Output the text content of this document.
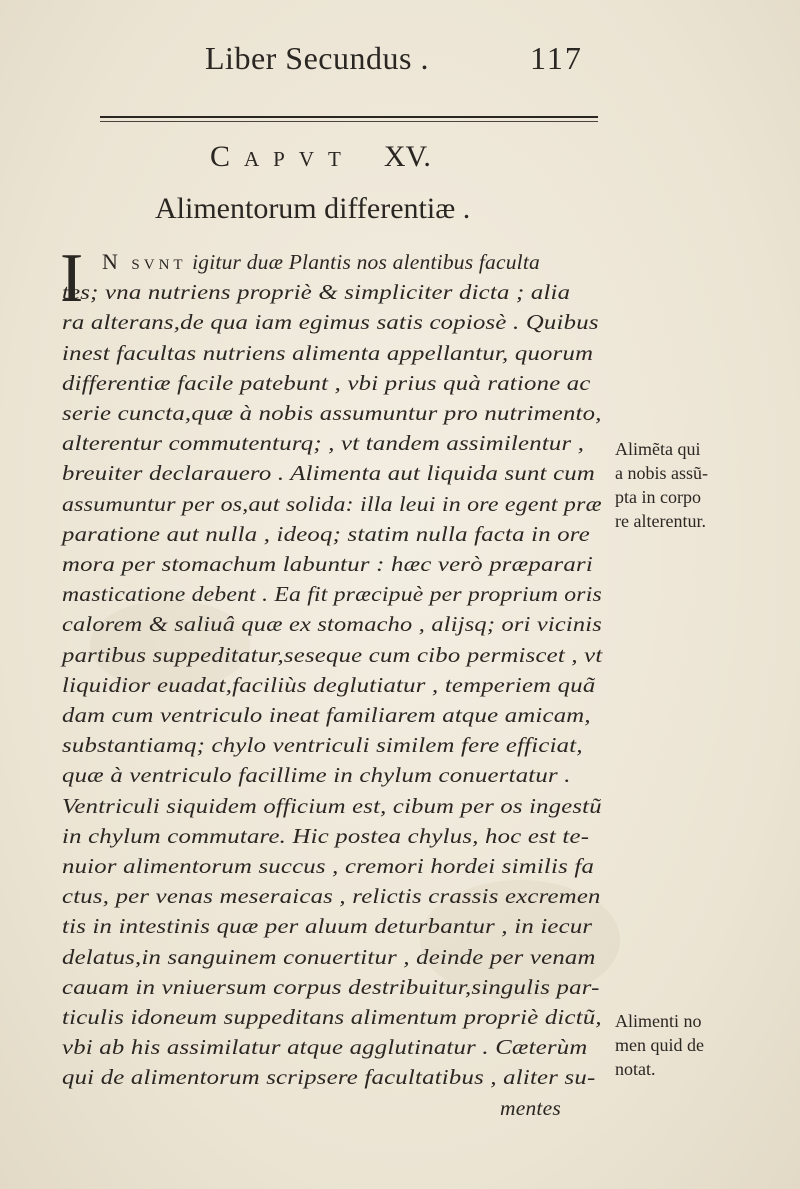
Liber Secundus .	117
Capvt XV.
Alimentorum differentiæ .
I N svnt igitur duæ Plantis nos alentibus faculta
tes; vna nutriens propriè & simpliciter dicta ; alia
ra alterans,de qua iam egimus satis copiosè . Quibus
inest facultas nutriens alimenta appellantur, quorum
differentiæ facile patebunt , vbi prius quà ratione ac
serie cuncta,quæ à nobis assumuntur pro nutrimento,
alterentur commutenturq; , vt tandem assimilentur ,
breuiter declarauero . Alimenta aut liquida sunt cum
assumuntur per os,aut solida: illa leui in ore egent præ
paratione aut nulla , ideoq; statim nulla facta in ore
mora per stomachum labuntur : hæc verò præparari
masticatione debent . Ea fit præcipuè per proprium oris
calorem & saliuâ quæ ex stomacho , alijsq; ori vicinis
partibus suppeditatur,seseque cum cibo permiscet , vt
liquidior euadat,faciliùs deglutiatur , temperiem quã
dam cum ventriculo ineat familiarem atque amicam,
substantiamq; chylo ventriculi similem fere efficiat,
quæ à ventriculo facillime in chylum conuertatur .
Ventriculi siquidem officium est, cibum per os ingestũ
in chylum commutare. Hic postea chylus, hoc est te-
nuior alimentorum succus , cremori hordei similis fa
ctus, per venas meseraicas , relictis crassis excremen
tis in intestinis quæ per aluum deturbantur , in iecur
delatus,in sanguinem conuertitur , deinde per venam
cauam in vniuersum corpus destribuitur,singulis par-
ticulis idoneum suppeditans alimentum propriè dictũ,
vbi ab his assimilatur atque agglutinatur . Cæterùm
qui de alimentorum scripsere facultatibus , aliter su-
mentes
Alimẽta qui
a nobis assũ-
pta in corpo
re alterentur.
Alimenti no
men quid de
notat.
